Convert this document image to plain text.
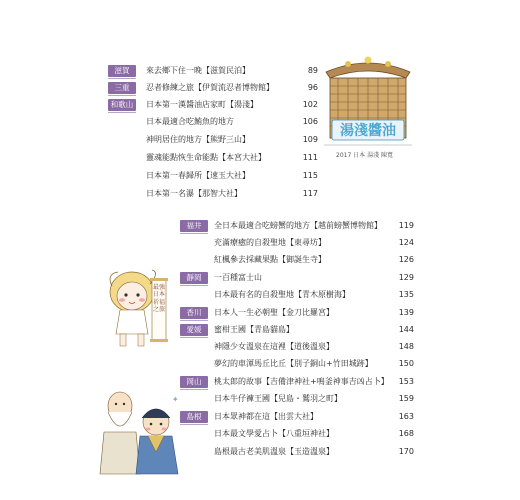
滋賀	來去鄉下住一晚【滋賀民泊】	89
三重	忍者修練之旅【伊賀流忍者博物館】	96
和歌山	日本第一漢醬油店家町【湯淺】	102
日本最適合吃鮪魚的地方	106
神明居住的地方【熊野三山】	109
靈魂能點恢生命能點【本宮大社】	111
日本第一春歸所【速玉大社】	115
日本第一名瀑【那智大社】	117
湯淺醬油
2017 日本 湯淺 陳寬
福井	全日本最適合吃螃蟹的地方【越前螃蟹博物館】	119
充滿療癒的自殺聖地【東尋坊】	124
紅楓參去採藏果點【御誕生寺】	126
靜岡	一百種富士山	129
日本最有名的自殺聖地【青木原樹海】	135
香川	日本人一生必朝聖【金刀比羅宮】	139
愛媛	蜜柑王國【青島貓島】	144
神隱少女溫泉在這裡【道後溫泉】	148
夢幻的車渾馬丘比丘【別子銅山+竹田城跡】	150
岡山	桃太郎的故事【吉備津神社+鳴釜神事吉凶占卜】	153
日本牛仔褲王國【兒島・鷲羽之町】	159
島根	日本眾神都在這【出雲大社】	163
日本最文學愛占卜【八重垣神社】	168
島根最古老美肌溫泉【玉造溫泉】	170
最強日本祈福之旅
✦
